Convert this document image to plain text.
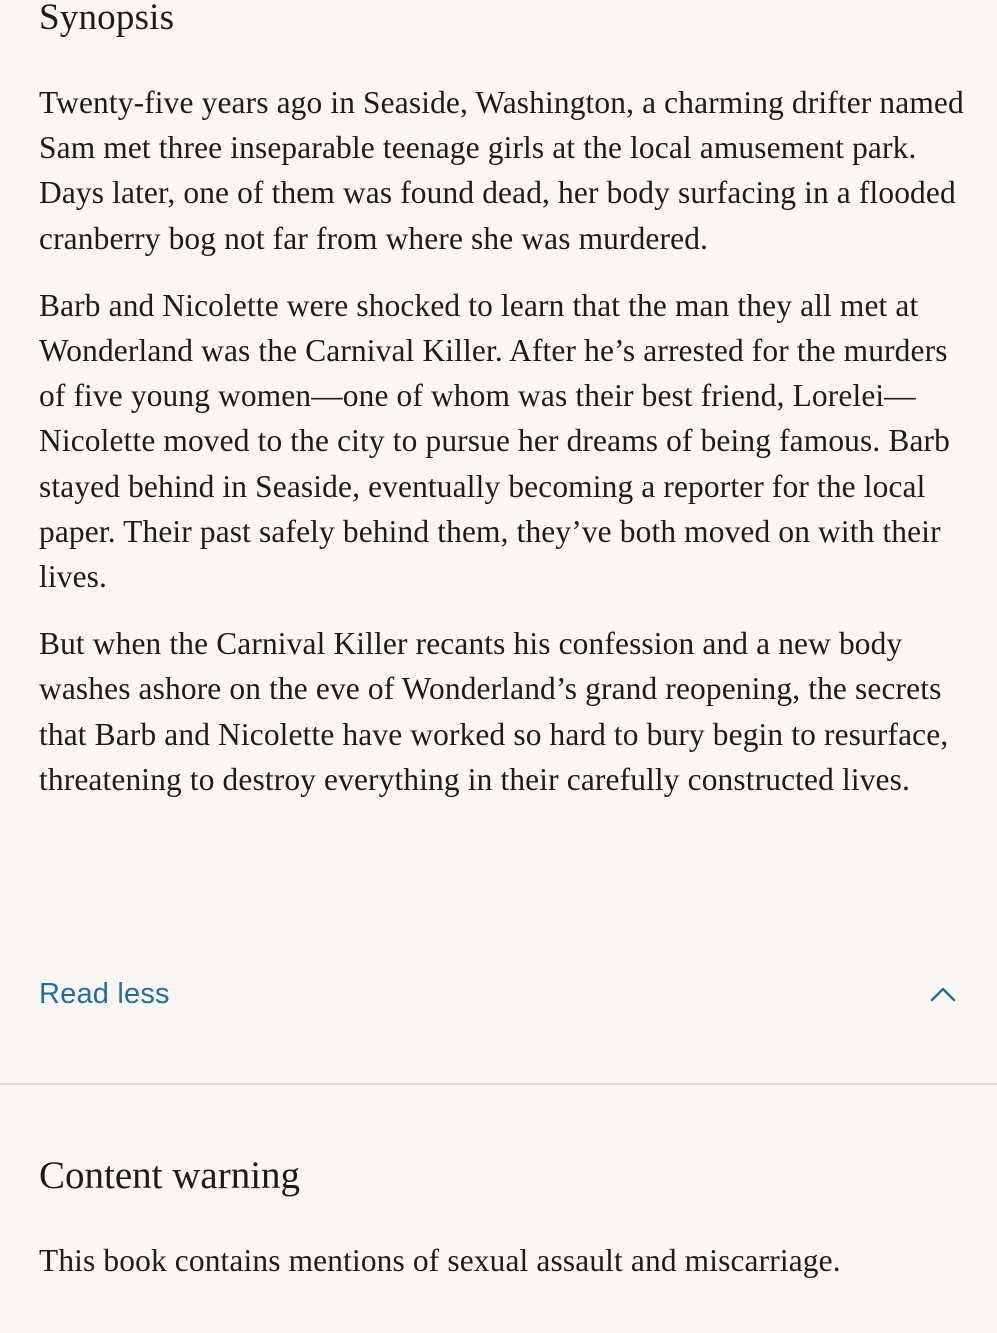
Synopsis

Twenty-five years ago in Seaside, Washington, a charming drifter named Sam met three inseparable teenage girls at the local amusement park. Days later, one of them was found dead, her body surfacing in a flooded cranberry bog not far from where she was murdered.

Barb and Nicolette were shocked to learn that the man they all met at Wonderland was the Carnival Killer. After he’s arrested for the murders of five young women—one of whom was their best friend, Lorelei—Nicolette moved to the city to pursue her dreams of being famous. Barb stayed behind in Seaside, eventually becoming a reporter for the local paper. Their past safely behind them, they’ve both moved on with their lives.

But when the Carnival Killer recants his confession and a new body washes ashore on the eve of Wonderland’s grand reopening, the secrets that Barb and Nicolette have worked so hard to bury begin to resurface, threatening to destroy everything in their carefully constructed lives.

Read less
Content warning

This book contains mentions of sexual assault and miscarriage.
